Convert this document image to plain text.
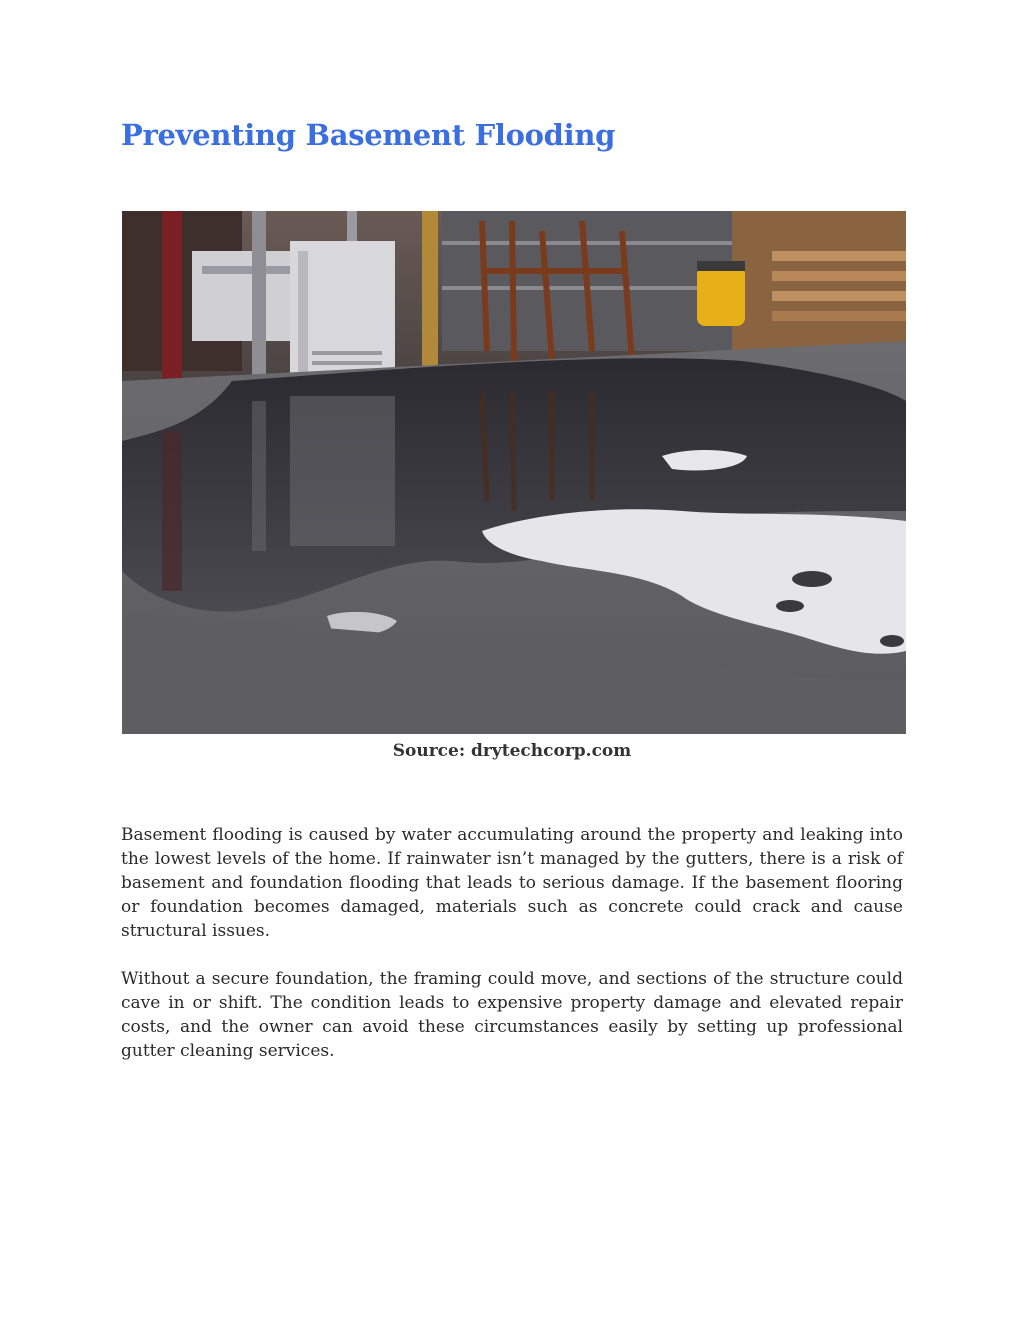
Preventing Basement Flooding
Source: drytechcorp.com

Basement flooding is caused by water accumulating around the property and leaking into the lowest levels of the home. If rainwater isn’t managed by the gutters, there is a risk of basement and foundation flooding that leads to serious damage. If the basement flooring or foundation becomes damaged, materials such as concrete could crack and cause structural issues.

Without a secure foundation, the framing could move, and sections of the structure could cave in or shift. The condition leads to expensive property damage and elevated repair costs, and the owner can avoid these circumstances easily by setting up professional gutter cleaning services.
